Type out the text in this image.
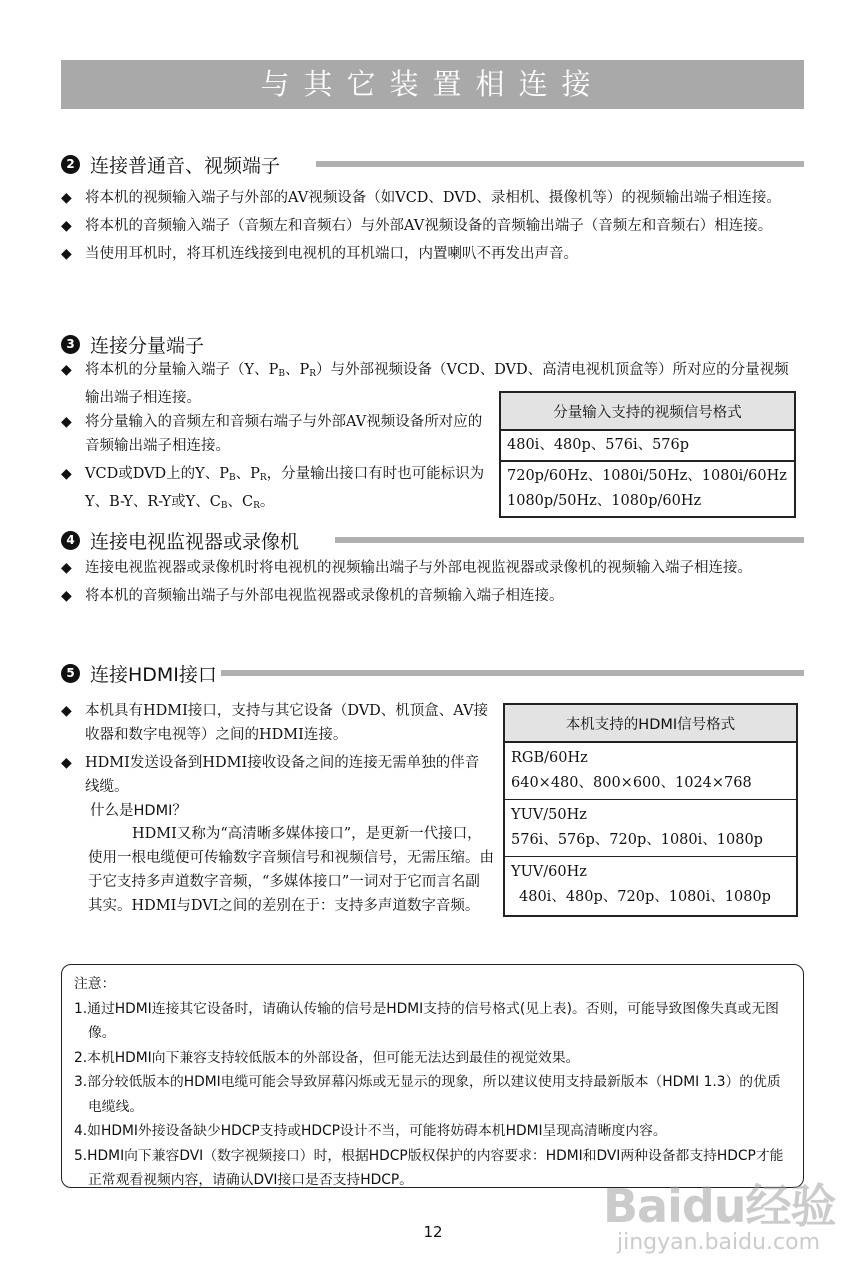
与其它装置相连接
2 连接普通音、视频端子
◆ 将本机的视频输入端子与外部的AV视频设备（如VCD、DVD、录相机、摄像机等）的视频输出端子相连接。
◆ 将本机的音频输入端子（音频左和音频右）与外部AV视频设备的音频输出端子（音频左和音频右）相连接。
◆ 当使用耳机时，将耳机连线接到电视机的耳机端口，内置喇叭不再发出声音。
3 连接分量端子
◆ 将本机的分量输入端子（Y、$P_B$、$P_R$）与外部视频设备（VCD、DVD、高清电视机顶盒等）所对应的分量视频输出端子相连接。
◆ 将分量输入的音频左和音频右端子与外部AV视频设备所对应的音频输出端子相连接。
◆ VCD或DVD上的Y、$P_B$、$P_R$，分量输出接口有时也可能标识为Y、B-Y、R-Y或Y、$C_B$、$C_R$。
分量输入支持的视频信号格式
480i、480p、576i、576p
720p/60Hz、1080i/50Hz、1080i/60Hz
1080p/50Hz、1080p/60Hz
4 连接电视监视器或录像机
◆ 连接电视监视器或录像机时将电视机的视频输出端子与外部电视监视器或录像机的视频输入端子相连接。
◆ 将本机的音频输出端子与外部电视监视器或录像机的音频输入端子相连接。
5 连接HDMI接口
◆ 本机具有HDMI接口，支持与其它设备（DVD、机顶盒、AV接收器和数字电视等）之间的HDMI连接。
◆ HDMI发送设备到HDMI接收设备之间的连接无需单独的伴音线缆。
什么是HDMI？

HDMI又称为“高清晰多媒体接口”，是更新一代接口，使用一根电缆便可传输数字音频信号和视频信号，无需压缩。由于它支持多声道数字音频，“多媒体接口”一词对于它而言名副其实。HDMI与DVI之间的差别在于：支持多声道数字音频。

本机支持的HDMI信号格式
RGB/60Hz
640×480、800×600、1024×768
YUV/50Hz
576i、576p、720p、1080i、1080p
YUV/60Hz
480i、480p、720p、1080i、1080p

注意：

1.通过HDMI连接其它设备时，请确认传输的信号是HDMI支持的信号格式(见上表)。否则，可能导致图像失真或无图像。
2.本机HDMI向下兼容支持较低版本的外部设备，但可能无法达到最佳的视觉效果。
3.部分较低版本的HDMI电缆可能会导致屏幕闪烁或无显示的现象，所以建议使用支持最新版本（HDMI 1.3）的优质电缆线。
4.如HDMI外接设备缺少HDCP支持或HDCP设计不当，可能将妨碍本机HDMI呈现高清晰度内容。
5.HDMI向下兼容DVI（数字视频接口）时，根据HDCP版权保护的内容要求：HDMI和DVI两种设备都支持HDCP才能正常观看视频内容，请确认DVI接口是否支持HDCP。
12	Baidu经验
jingyan.baidu.com
